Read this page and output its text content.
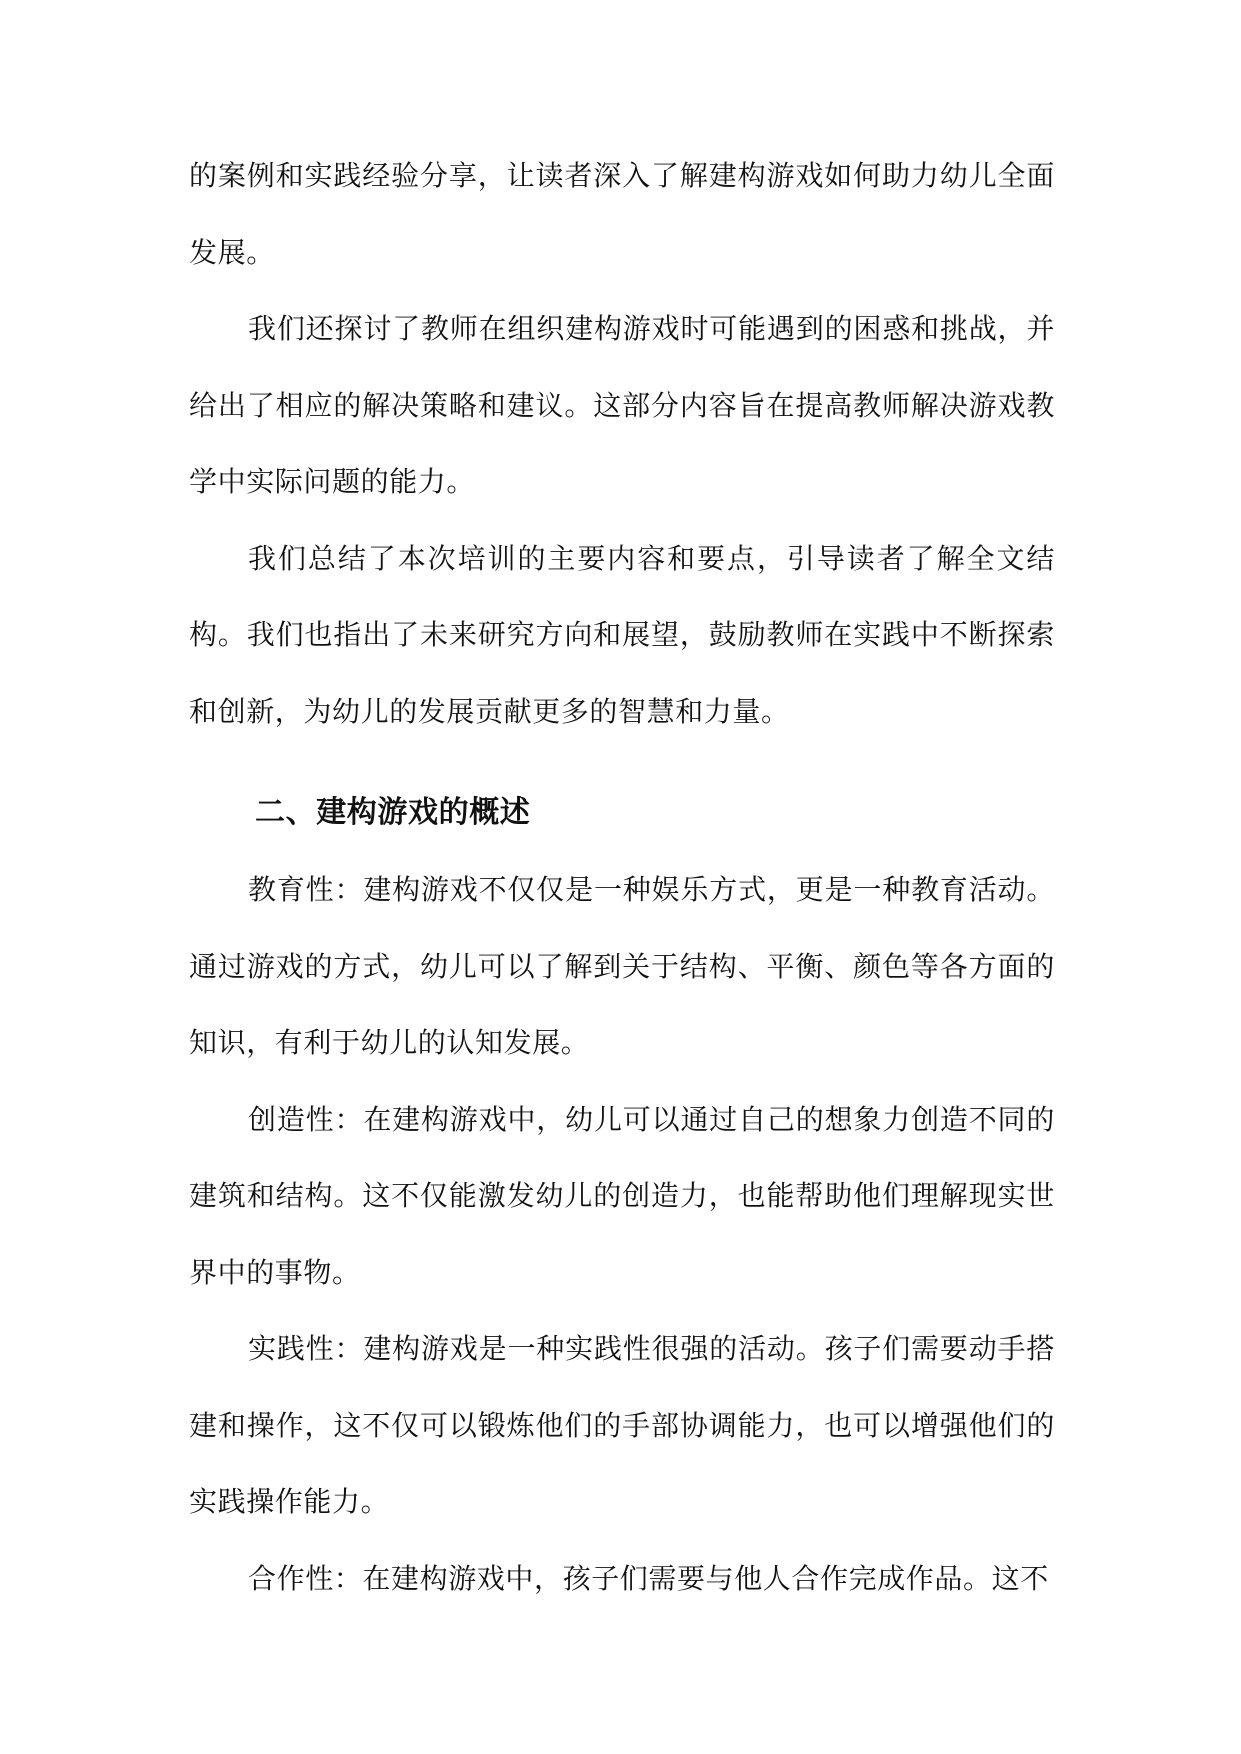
的案例和实践经验分享，让读者深入了解建构游戏如何助力幼儿全面发展。

我们还探讨了教师在组织建构游戏时可能遇到的困惑和挑战，并给出了相应的解决策略和建议。这部分内容旨在提高教师解决游戏教学中实际问题的能力。

我们总结了本次培训的主要内容和要点，引导读者了解全文结构。我们也指出了未来研究方向和展望，鼓励教师在实践中不断探索和创新，为幼儿的发展贡献更多的智慧和力量。

二、建构游戏的概述

教育性：建构游戏不仅仅是一种娱乐方式，更是一种教育活动。通过游戏的方式，幼儿可以了解到关于结构、平衡、颜色等各方面的知识，有利于幼儿的认知发展。

创造性：在建构游戏中，幼儿可以通过自己的想象力创造不同的建筑和结构。这不仅能激发幼儿的创造力，也能帮助他们理解现实世界中的事物。

实践性：建构游戏是一种实践性很强的活动。孩子们需要动手搭建和操作，这不仅可以锻炼他们的手部协调能力，也可以增强他们的实践操作能力。

合作性：在建构游戏中，孩子们需要与他人合作完成作品。这不
